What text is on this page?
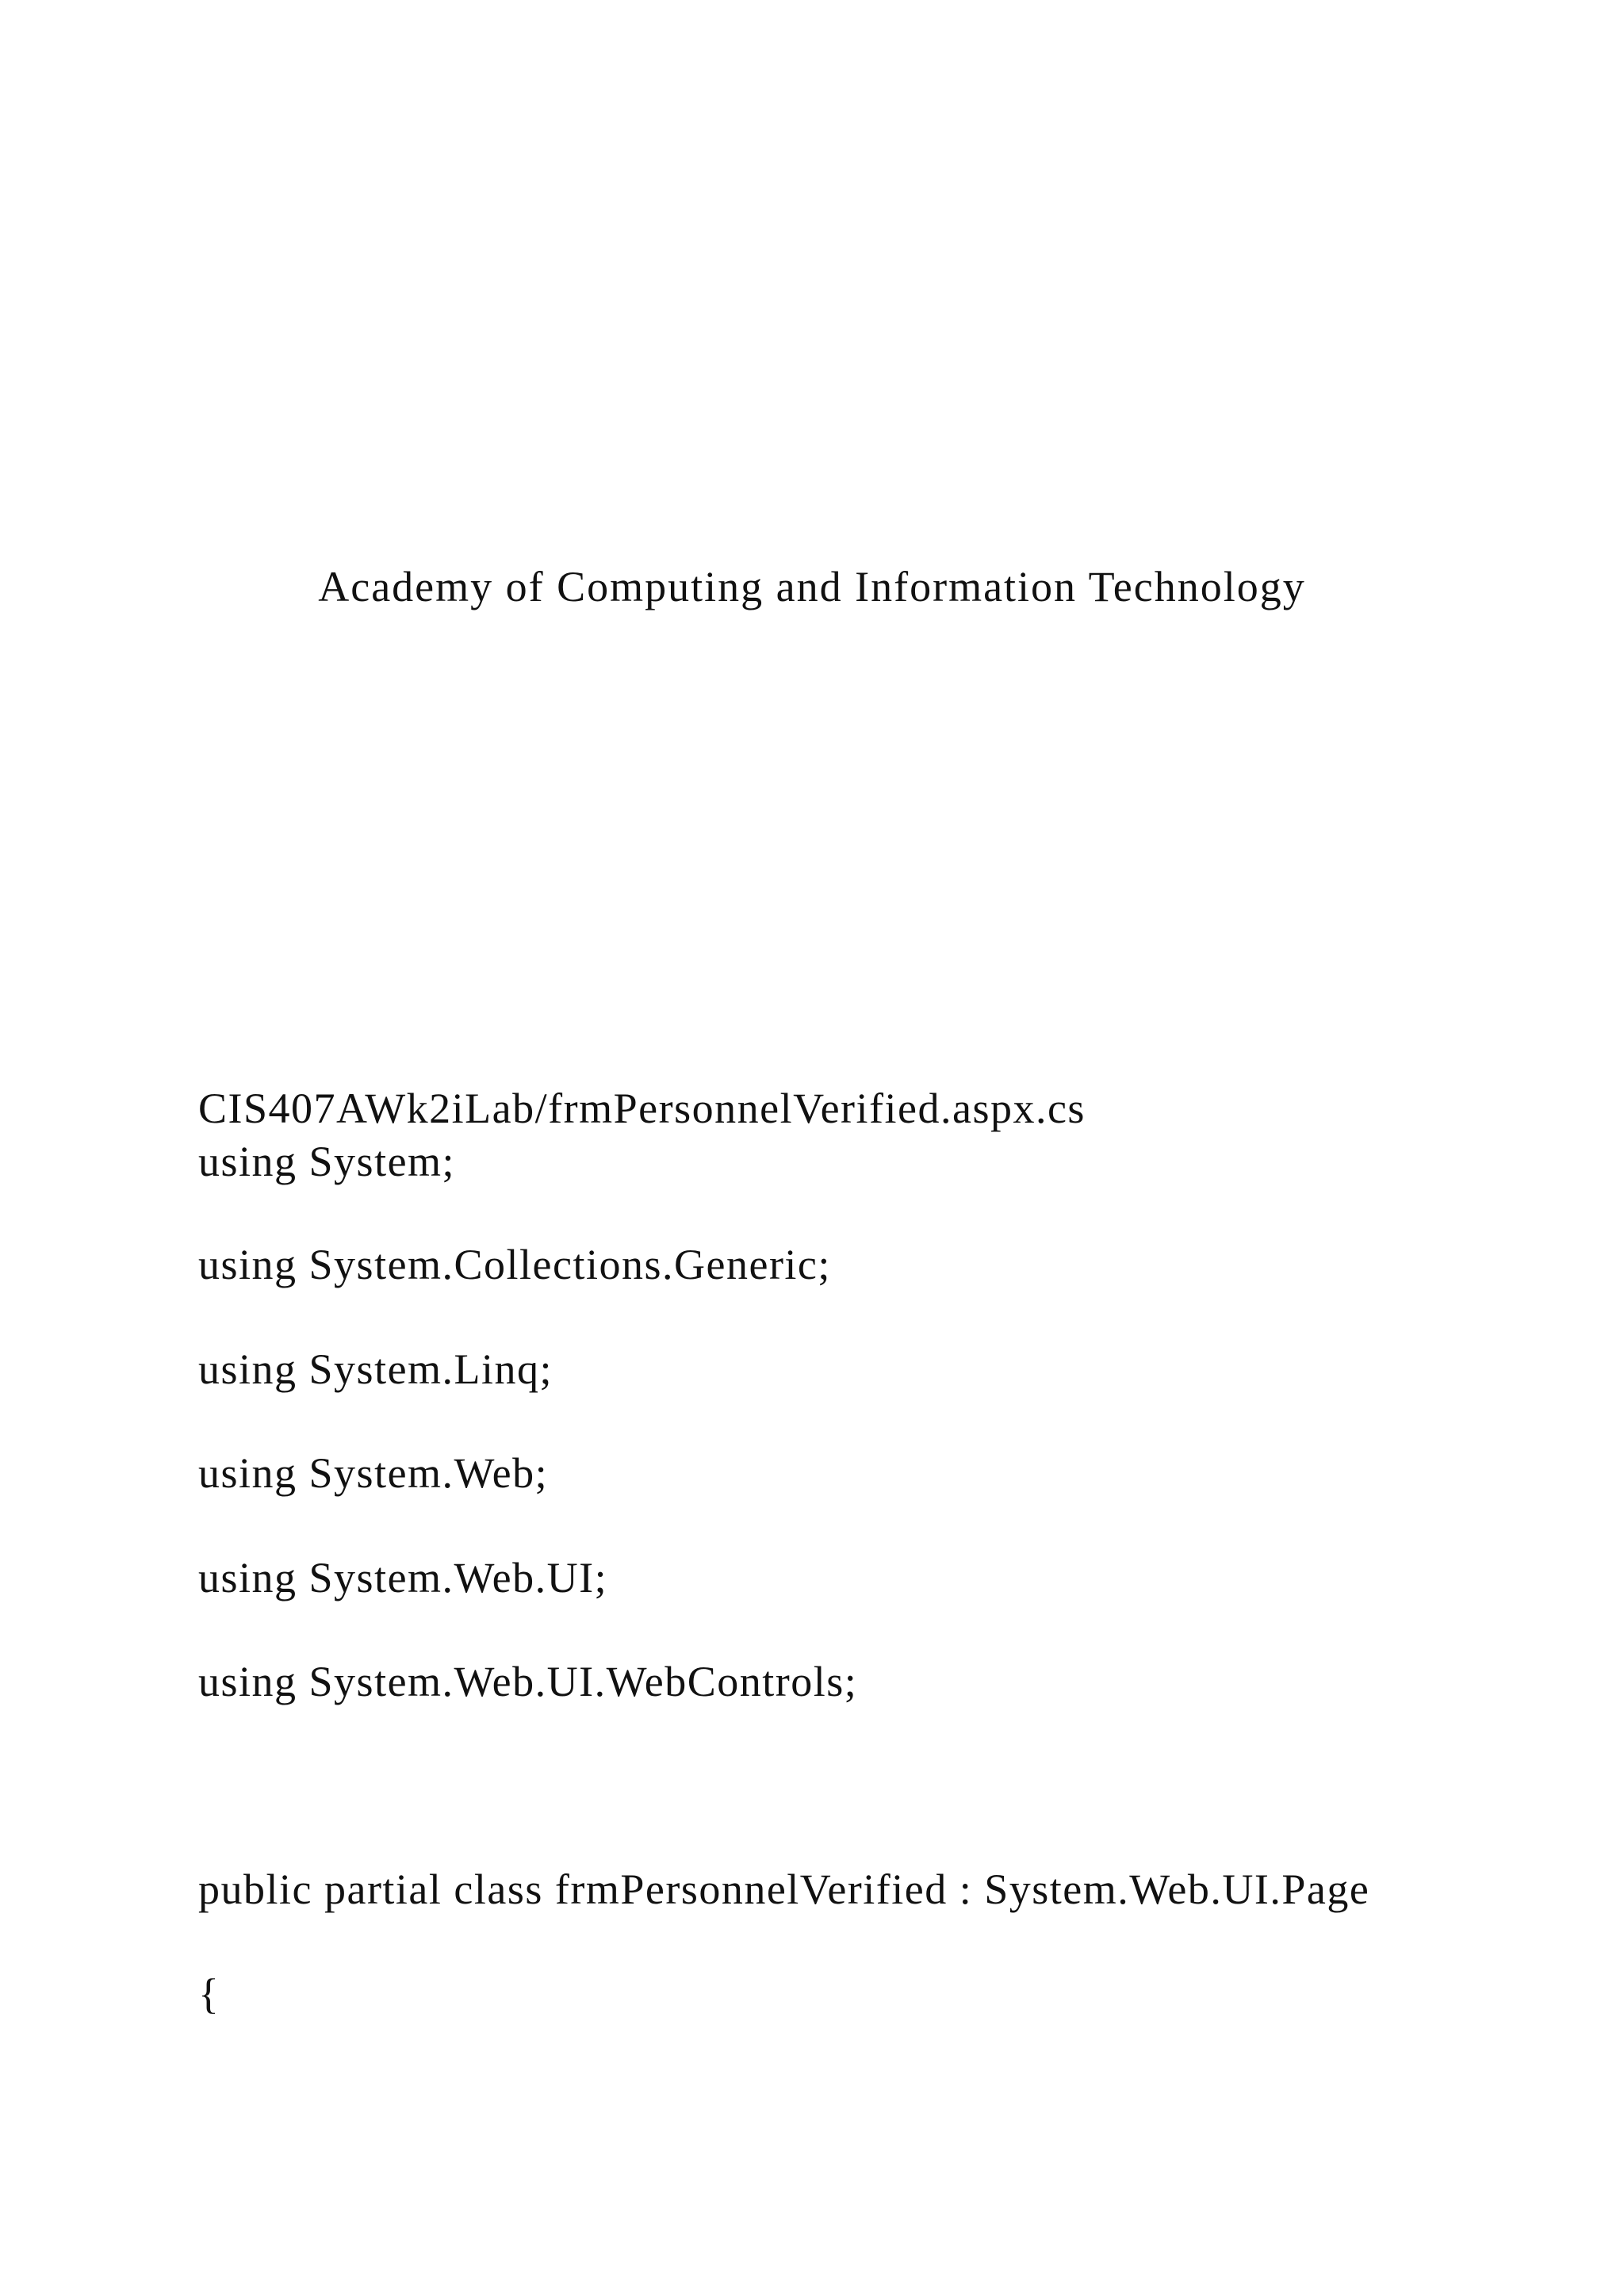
Academy of Computing and Information Technology
CIS407AWk2iLab/frmPersonnelVerified.aspx.cs
using System;
using System.Collections.Generic;
using System.Linq;
using System.Web;
using System.Web.UI;
using System.Web.UI.WebControls;
public partial class frmPersonnelVerified : System.Web.UI.Page
{
